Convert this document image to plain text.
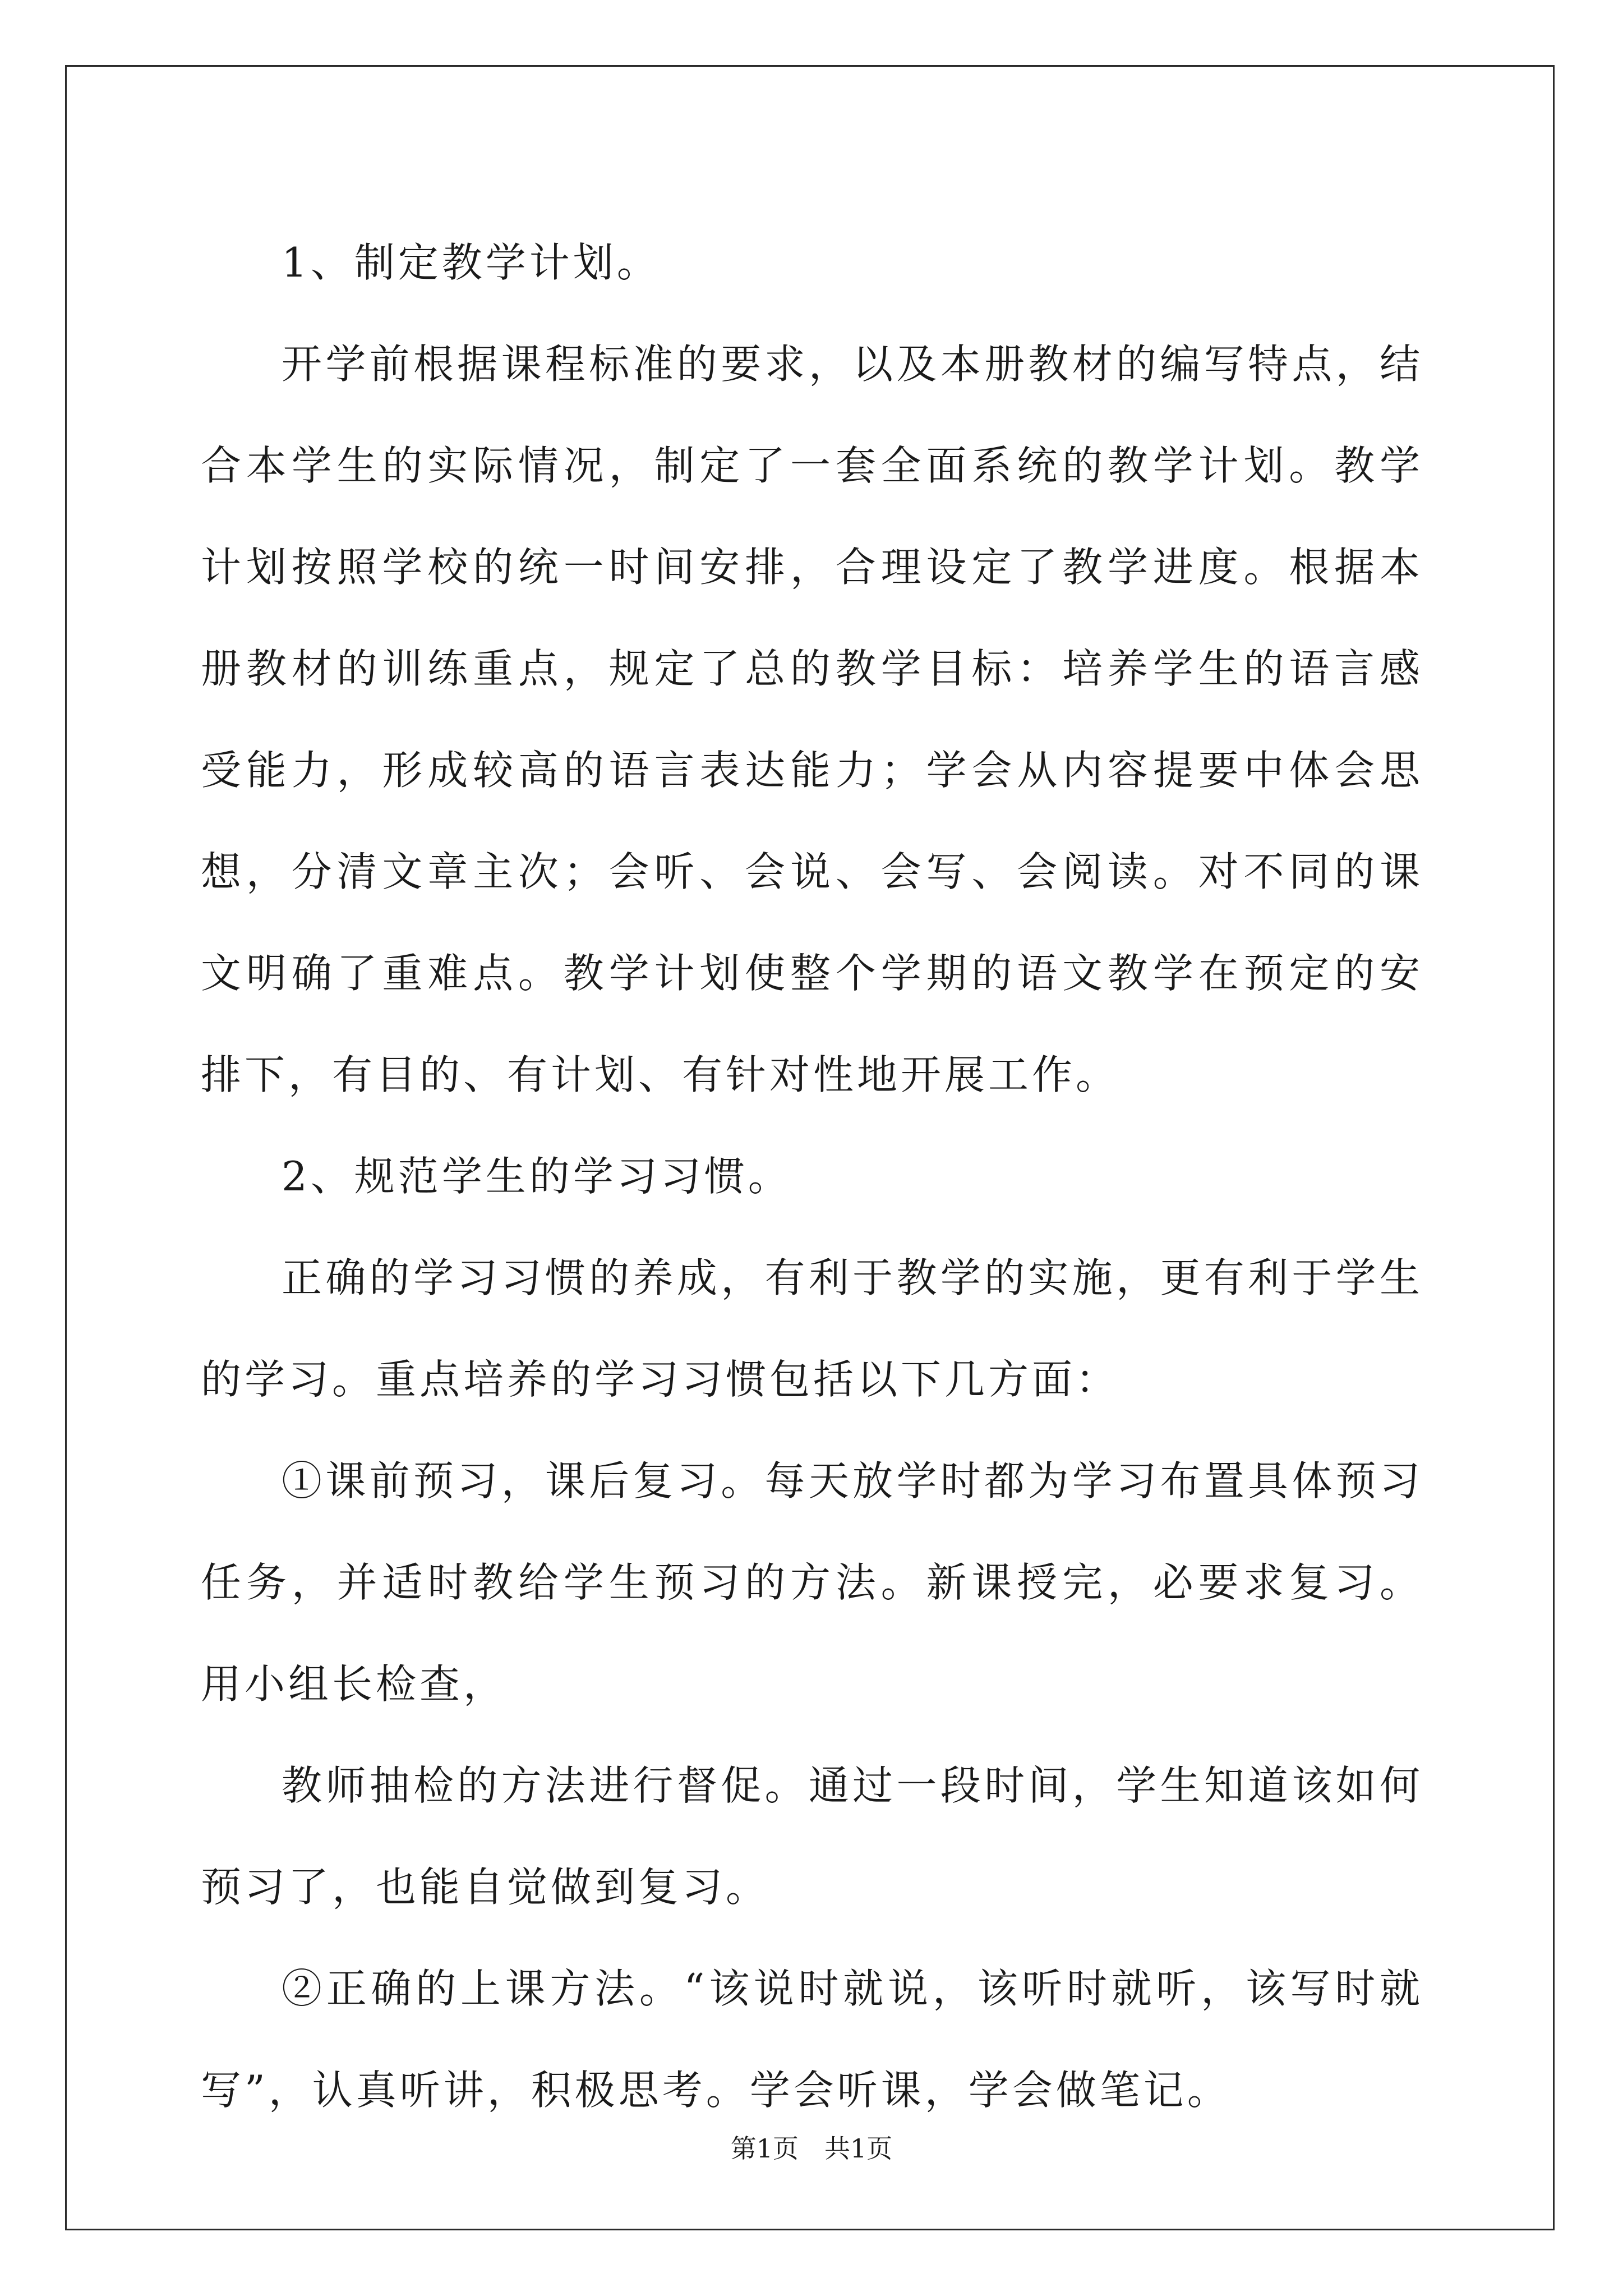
1、制定教学计划。

开学前根据课程标准的要求，以及本册教材的编写特点，结合本学生的实际情况，制定了一套全面系统的教学计划。教学计划按照学校的统一时间安排，合理设定了教学进度。根据本册教材的训练重点，规定了总的教学目标：培养学生的语言感受能力，形成较高的语言表达能力；学会从内容提要中体会思想，分清文章主次；会听、会说、会写、会阅读。对不同的课文明确了重难点。教学计划使整个学期的语文教学在预定的安排下，有目的、有计划、有针对性地开展工作。

2、规范学生的学习习惯。

正确的学习习惯的养成，有利于教学的实施，更有利于学生的学习。重点培养的学习习惯包括以下几方面：

①课前预习，课后复习。每天放学时都为学习布置具体预习任务，并适时教给学生预习的方法。新课授完，必要求复习。用小组长检查，

教师抽检的方法进行督促。通过一段时间，学生知道该如何预习了，也能自觉做到复习。

②正确的上课方法。“该说时就说，该听时就听，该写时就写”，认真听讲，积极思考。学会听课，学会做笔记。

第1页 共1页
